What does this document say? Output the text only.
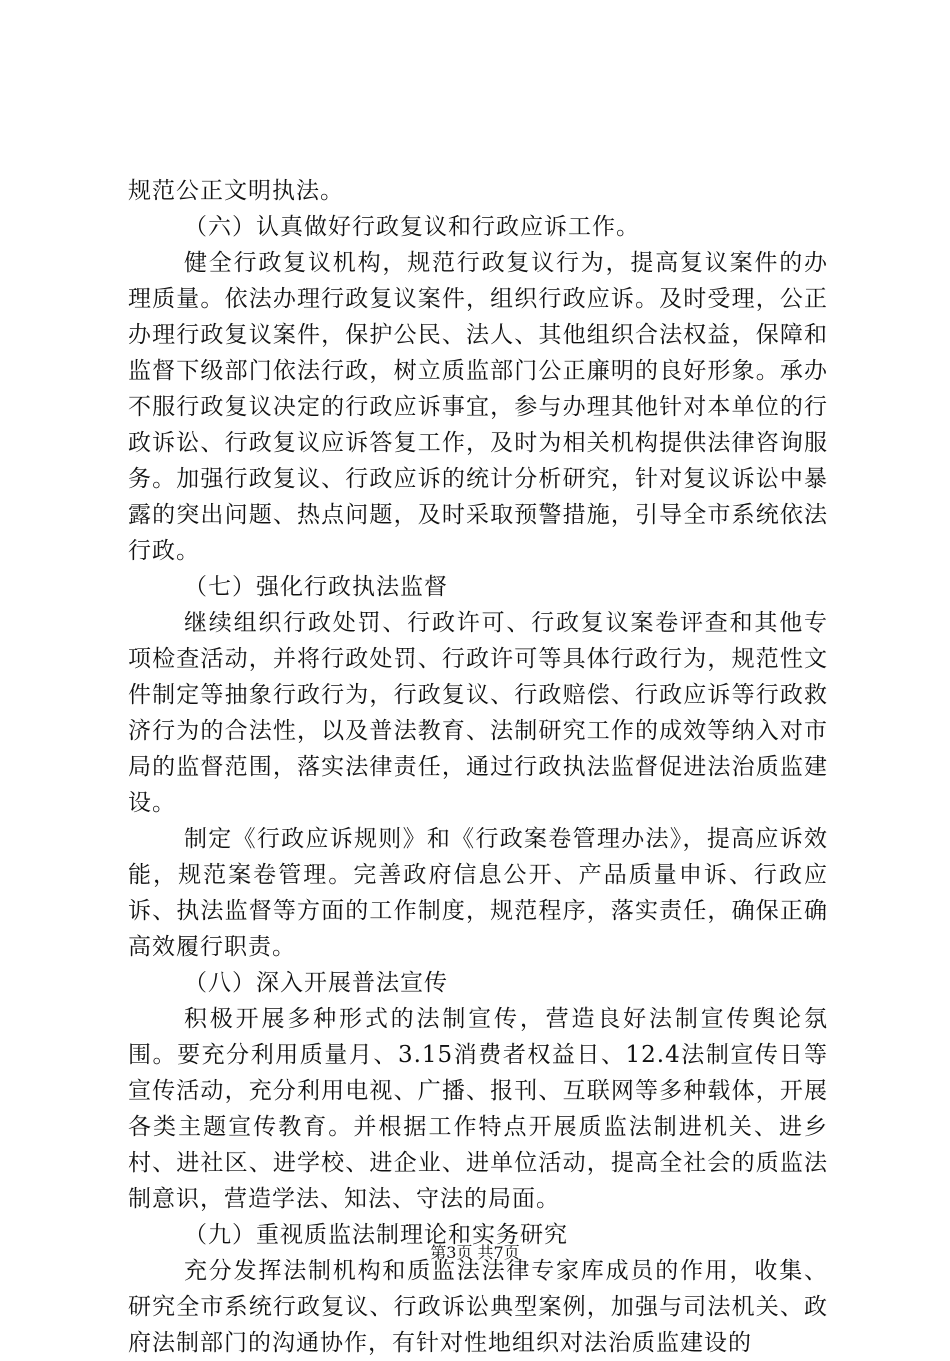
规范公正文明执法。

（六）认真做好行政复议和行政应诉工作。

健全行政复议机构，规范行政复议行为，提高复议案件的办理质量。依法办理行政复议案件，组织行政应诉。及时受理，公正办理行政复议案件，保护公民、法人、其他组织合法权益，保障和监督下级部门依法行政，树立质监部门公正廉明的良好形象。承办不服行政复议决定的行政应诉事宜，参与办理其他针对本单位的行政诉讼、行政复议应诉答复工作，及时为相关机构提供法律咨询服务。加强行政复议、行政应诉的统计分析研究，针对复议诉讼中暴露的突出问题、热点问题，及时采取预警措施，引导全市系统依法行政。

（七）强化行政执法监督

继续组织行政处罚、行政许可、行政复议案卷评查和其他专项检查活动，并将行政处罚、行政许可等具体行政行为，规范性文件制定等抽象行政行为，行政复议、行政赔偿、行政应诉等行政救济行为的合法性，以及普法教育、法制研究工作的成效等纳入对市局的监督范围，落实法律责任，通过行政执法监督促进法治质监建设。

制定《行政应诉规则》和《行政案卷管理办法》，提高应诉效能，规范案卷管理。完善政府信息公开、产品质量申诉、行政应诉、执法监督等方面的工作制度，规范程序，落实责任，确保正确高效履行职责。

（八）深入开展普法宣传

积极开展多种形式的法制宣传，营造良好法制宣传舆论氛围。要充分利用质量月、3.15消费者权益日、12.4法制宣传日等宣传活动，充分利用电视、广播、报刊、互联网等多种载体，开展各类主题宣传教育。并根据工作特点开展质监法制进机关、进乡村、进社区、进学校、进企业、进单位活动，提高全社会的质监法制意识，营造学法、知法、守法的局面。

（九）重视质监法制理论和实务研究

充分发挥法制机构和质监法法律专家库成员的作用，收集、研究全市系统行政复议、行政诉讼典型案例，加强与司法机关、政府法制部门的沟通协作，有针对性地组织对法治质监建设的

第3页 共7页
